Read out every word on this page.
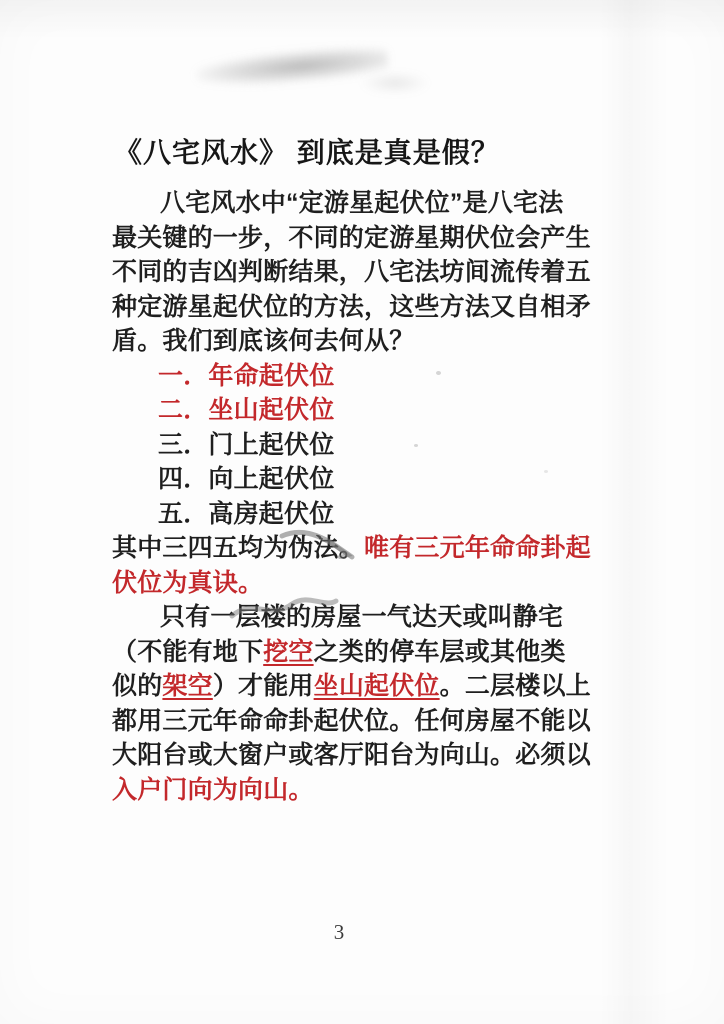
《八宅风水》 到底是真是假？
八宅风水中“定游星起伏位”是八宅法
最关键的一步，不同的定游星期伏位会产生
不同的吉凶判断结果，八宅法坊间流传着五
种定游星起伏位的方法，这些方法又自相矛
盾。我们到底该何去何从？
一．年命起伏位
二．坐山起伏位
三．门上起伏位
四．向上起伏位
五．高房起伏位
其中三四五均为伪法。唯有三元年命命卦起
伏位为真诀。
只有一层楼的房屋一气达天或叫静宅
（不能有地下挖空之类的停车层或其他类
似的架空）才能用坐山起伏位。二层楼以上
都用三元年命命卦起伏位。任何房屋不能以
大阳台或大窗户或客厅阳台为向山。必须以
入户门向为向山。
3
